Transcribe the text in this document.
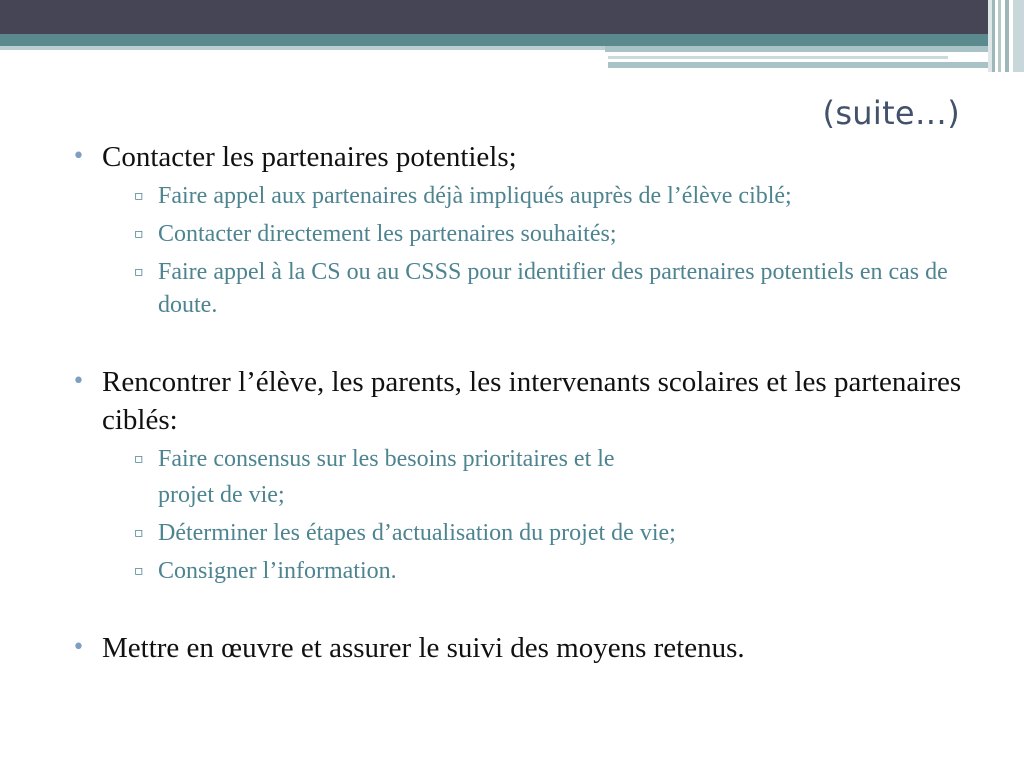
(suite…)
• Contacter les partenaires potentiels;
▫ Faire appel aux partenaires déjà impliqués auprès de l’élève ciblé;
▫ Contacter directement les partenaires souhaités;
▫ Faire appel à la CS ou au CSSS pour identifier des partenaires potentiels en cas de doute.
• Rencontrer l’élève, les parents, les intervenants scolaires et les partenaires ciblés:
▫ Faire consensus sur les besoins prioritaires et le
projet de vie;
▫ Déterminer les étapes d’actualisation du projet de vie;
▫ Consigner l’information.
• Mettre en œuvre et assurer le suivi des moyens retenus.
